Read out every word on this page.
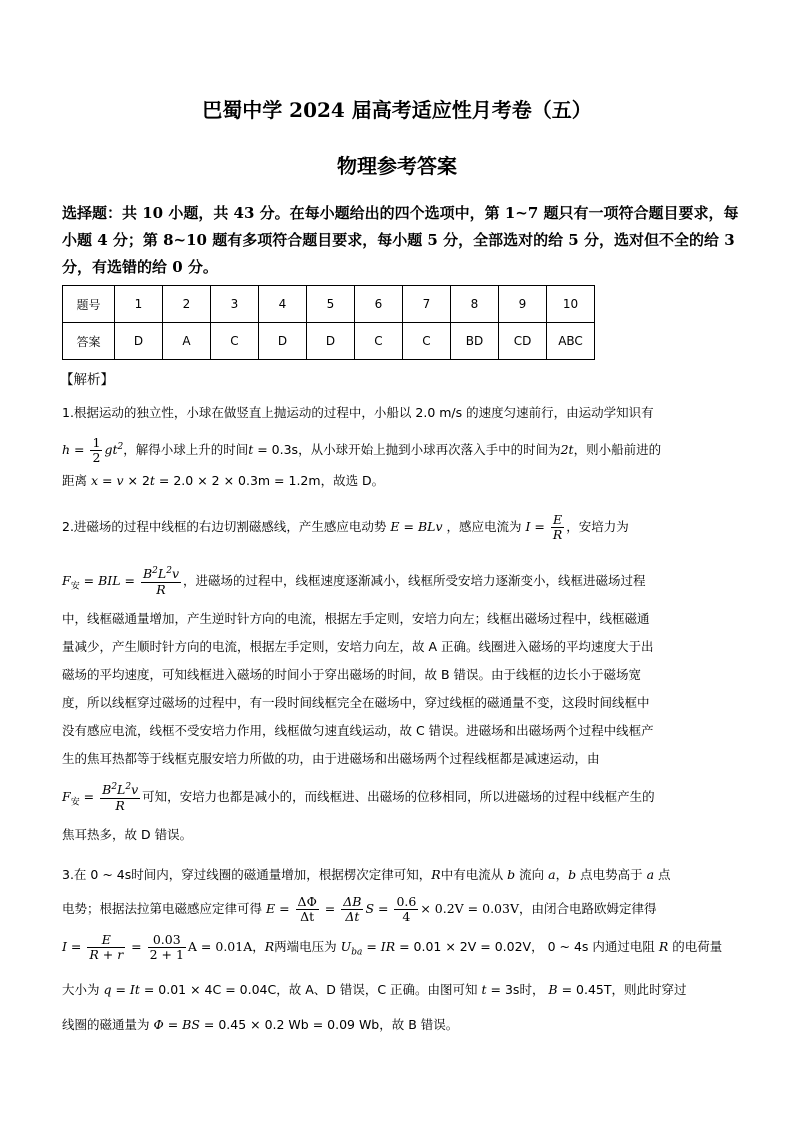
巴蜀中学 2024 届高考适应性月考卷（五）
物理参考答案
选择题：共 10 小题，共 43 分。在每小题给出的四个选项中，第 1~7 题只有一项符合题目要求，每小题 4 分；第 8~10 题有多项符合题目要求，每小题 5 分，全部选对的给 5 分，选对但不全的给 3 分，有选错的给 0 分。
题号	1	2	3	4	5	6	7	8	9	10
答案	D	A	C	D	D	C	C	BD	CD	ABC
【解析】
1.根据运动的独立性，小球在做竖直上抛运动的过程中，小船以 2.0 m/s 的速度匀速前行，由运动学知识有
$h = \frac{1}{2} gt^2$，解得小球上升的时间t = 0.3s，从小球开始上抛到小球再次落入手中的时间为2t，则小船前进的
距离 x = v × 2t = 2.0 × 2 × 0.3m = 1.2m，故选 D。
2.进磁场的过程中线框的右边切割磁感线，产生感应电动势 E = BLv ，感应电流为 $I = \frac{E}{R}$ ，安培力为
$F_安$ = BIL = $\frac{B^2L^2v}{R}$ ，进磁场的过程中，线框速度逐渐减小，线框所受安培力逐渐变小，线框进磁场过程
中，线框磁通量增加，产生逆时针方向的电流，根据左手定则，安培力向左；线框出磁场过程中，线框磁通
量减少，产生顺时针方向的电流，根据左手定则，安培力向左，故 A 正确。线圈进入磁场的平均速度大于出
磁场的平均速度，可知线框进入磁场的时间小于穿出磁场的时间，故 B 错误。由于线框的边长小于磁场宽
度，所以线框穿过磁场的过程中，有一段时间线框完全在磁场中，穿过线框的磁通量不变，这段时间线框中
没有感应电流，线框不受安培力作用，线框做匀速直线运动，故 C 错误。进磁场和出磁场两个过程中线框产
生的焦耳热都等于线框克服安培力所做的功，由于进磁场和出磁场两个过程线框都是减速运动，由
$F_安 = \frac{B^2L^2v}{R}$ 可知，安培力也都是减小的，而线框进、出磁场的位移相同，所以进磁场的过程中线框产生的
焦耳热多，故 D 错误。
3.在 0 ~ 4s时间内，穿过线圈的磁通量增加，根据楞次定律可知，R中有电流从 b 流向 a，b 点电势高于 a 点
电势；根据法拉第电磁感应定律可得 $E = \frac{\Delta\Phi}{\Delta t} = \frac{\Delta B}{\Delta t}$ $S = \frac{0.6}{4} \times 0.2V = 0.03V$，由闭合电路欧姆定律得
$I = \frac{E}{R + r} = \frac{0.03}{2 + 1}$ A = 0.01A，R两端电压为 $U_{ba}$ = IR = 0.01 × 2V = 0.02V， 0 ~ 4s 内通过电阻 R 的电荷量
大小为 q = It = 0.01 × 4C = 0.04C，故 A、D 错误，C 正确。由图可知 t = 3s时， B = 0.45T，则此时穿过
线圈的磁通量为 Φ = BS = 0.45 × 0.2 Wb = 0.09 Wb，故 B 错误。
